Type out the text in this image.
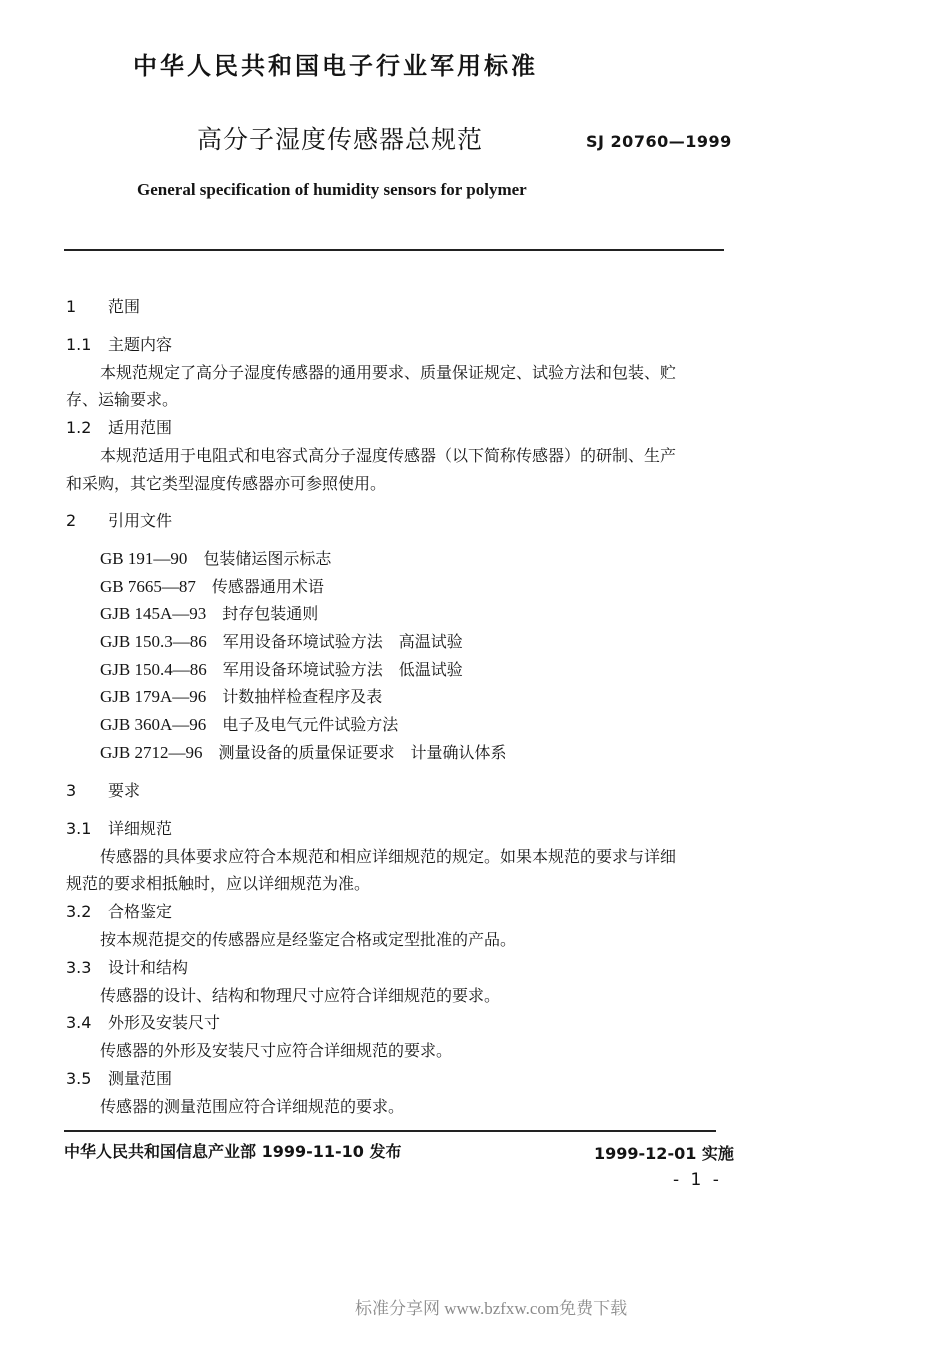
中华人民共和国电子行业军用标准
高分子湿度传感器总规范	SJ 20760—1999
General specification of humidity sensors for polymer
1 范围
1.1 主题内容
本规范规定了高分子湿度传感器的通用要求、质量保证规定、试验方法和包装、贮
存、运输要求。
1.2 适用范围
本规范适用于电阻式和电容式高分子湿度传感器（以下简称传感器）的研制、生产
和采购，其它类型湿度传感器亦可参照使用。
2 引用文件
GB 191—90　 包装储运图示标志
GB 7665—87　 传感器通用术语
GJB 145A—93　 封存包装通则
GJB 150.3—86　 军用设备环境试验方法　高温试验
GJB 150.4—86　 军用设备环境试验方法　低温试验
GJB 179A—96　 计数抽样检查程序及表
GJB 360A—96　 电子及电气元件试验方法
GJB 2712—96　 测量设备的质量保证要求　计量确认体系
3 要求
3.1 详细规范
传感器的具体要求应符合本规范和相应详细规范的规定。如果本规范的要求与详细
规范的要求相抵触时，应以详细规范为准。
3.2 合格鉴定
按本规范提交的传感器应是经鉴定合格或定型批准的产品。
3.3 设计和结构
传感器的设计、结构和物理尺寸应符合详细规范的要求。
3.4 外形及安装尺寸
传感器的外形及安装尺寸应符合详细规范的要求。
3.5 测量范围
传感器的测量范围应符合详细规范的要求。
中华人民共和国信息产业部 1999-11-10 发布	1999-12-01 实施
- 1 -
标准分享网 www.bzfxw.com免费下载
